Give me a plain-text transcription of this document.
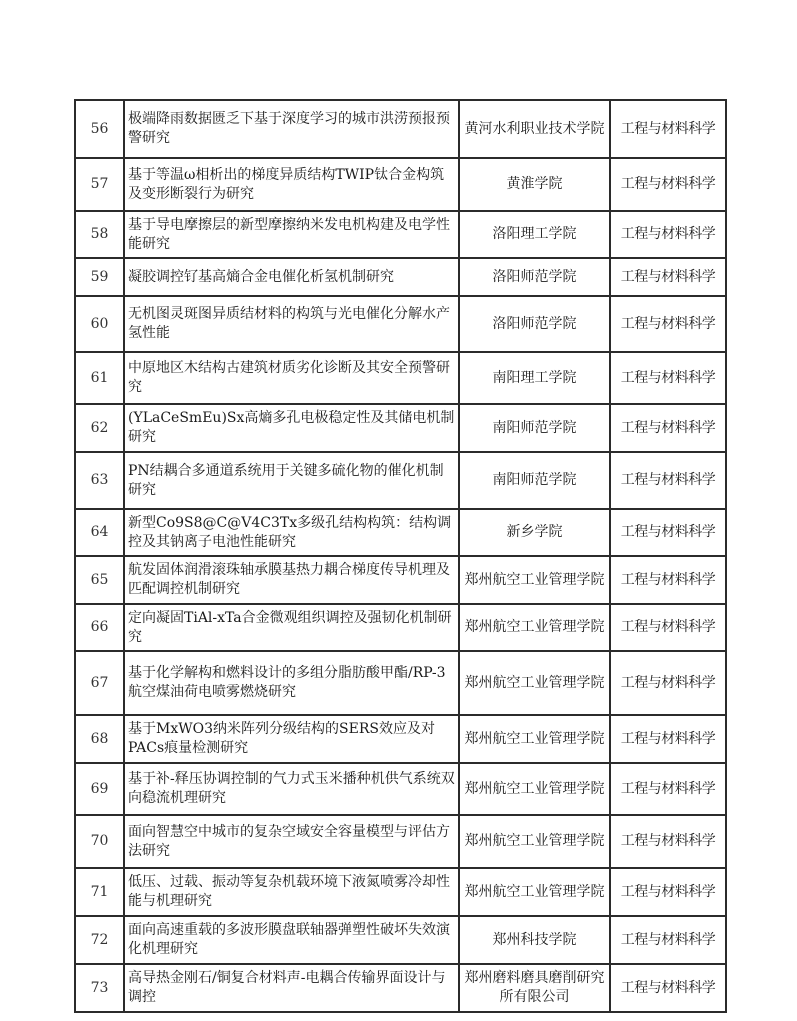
56	极端降雨数据匮乏下基于深度学习的城市洪涝预报预警研究	黄河水利职业技术学院	工程与材料科学
57	基于等温ω相析出的梯度异质结构TWIP钛合金构筑及变形断裂行为研究	黄淮学院	工程与材料科学
58	基于导电摩擦层的新型摩擦纳米发电机构建及电学性能研究	洛阳理工学院	工程与材料科学
59	凝胶调控钌基高熵合金电催化析氢机制研究	洛阳师范学院	工程与材料科学
60	无机图灵斑图异质结材料的构筑与光电催化分解水产氢性能	洛阳师范学院	工程与材料科学
61	中原地区木结构古建筑材质劣化诊断及其安全预警研究	南阳理工学院	工程与材料科学
62	(YLaCeSmEu)Sx高熵多孔电极稳定性及其储电机制研究	南阳师范学院	工程与材料科学
63	PN结耦合多通道系统用于关键多硫化物的催化机制研究	南阳师范学院	工程与材料科学
64	新型Co9S8@C@V4C3Tx多级孔结构构筑：结构调控及其钠离子电池性能研究	新乡学院	工程与材料科学
65	航发固体润滑滚珠轴承膜基热力耦合梯度传导机理及匹配调控机制研究	郑州航空工业管理学院	工程与材料科学
66	定向凝固TiAl-xTa合金微观组织调控及强韧化机制研究	郑州航空工业管理学院	工程与材料科学
67	基于化学解构和燃料设计的多组分脂肪酸甲酯/RP-3航空煤油荷电喷雾燃烧研究	郑州航空工业管理学院	工程与材料科学
68	基于MxWO3纳米阵列分级结构的SERS效应及对PACs痕量检测研究	郑州航空工业管理学院	工程与材料科学
69	基于补-释压协调控制的气力式玉米播种机供气系统双向稳流机理研究	郑州航空工业管理学院	工程与材料科学
70	面向智慧空中城市的复杂空域安全容量模型与评估方法研究	郑州航空工业管理学院	工程与材料科学
71	低压、过载、振动等复杂机载环境下液氮喷雾冷却性能与机理研究	郑州航空工业管理学院	工程与材料科学
72	面向高速重载的多波形膜盘联轴器弹塑性破坏失效演化机理研究	郑州科技学院	工程与材料科学
73	高导热金刚石/铜复合材料声-电耦合传输界面设计与调控	郑州磨料磨具磨削研究所有限公司	工程与材料科学
